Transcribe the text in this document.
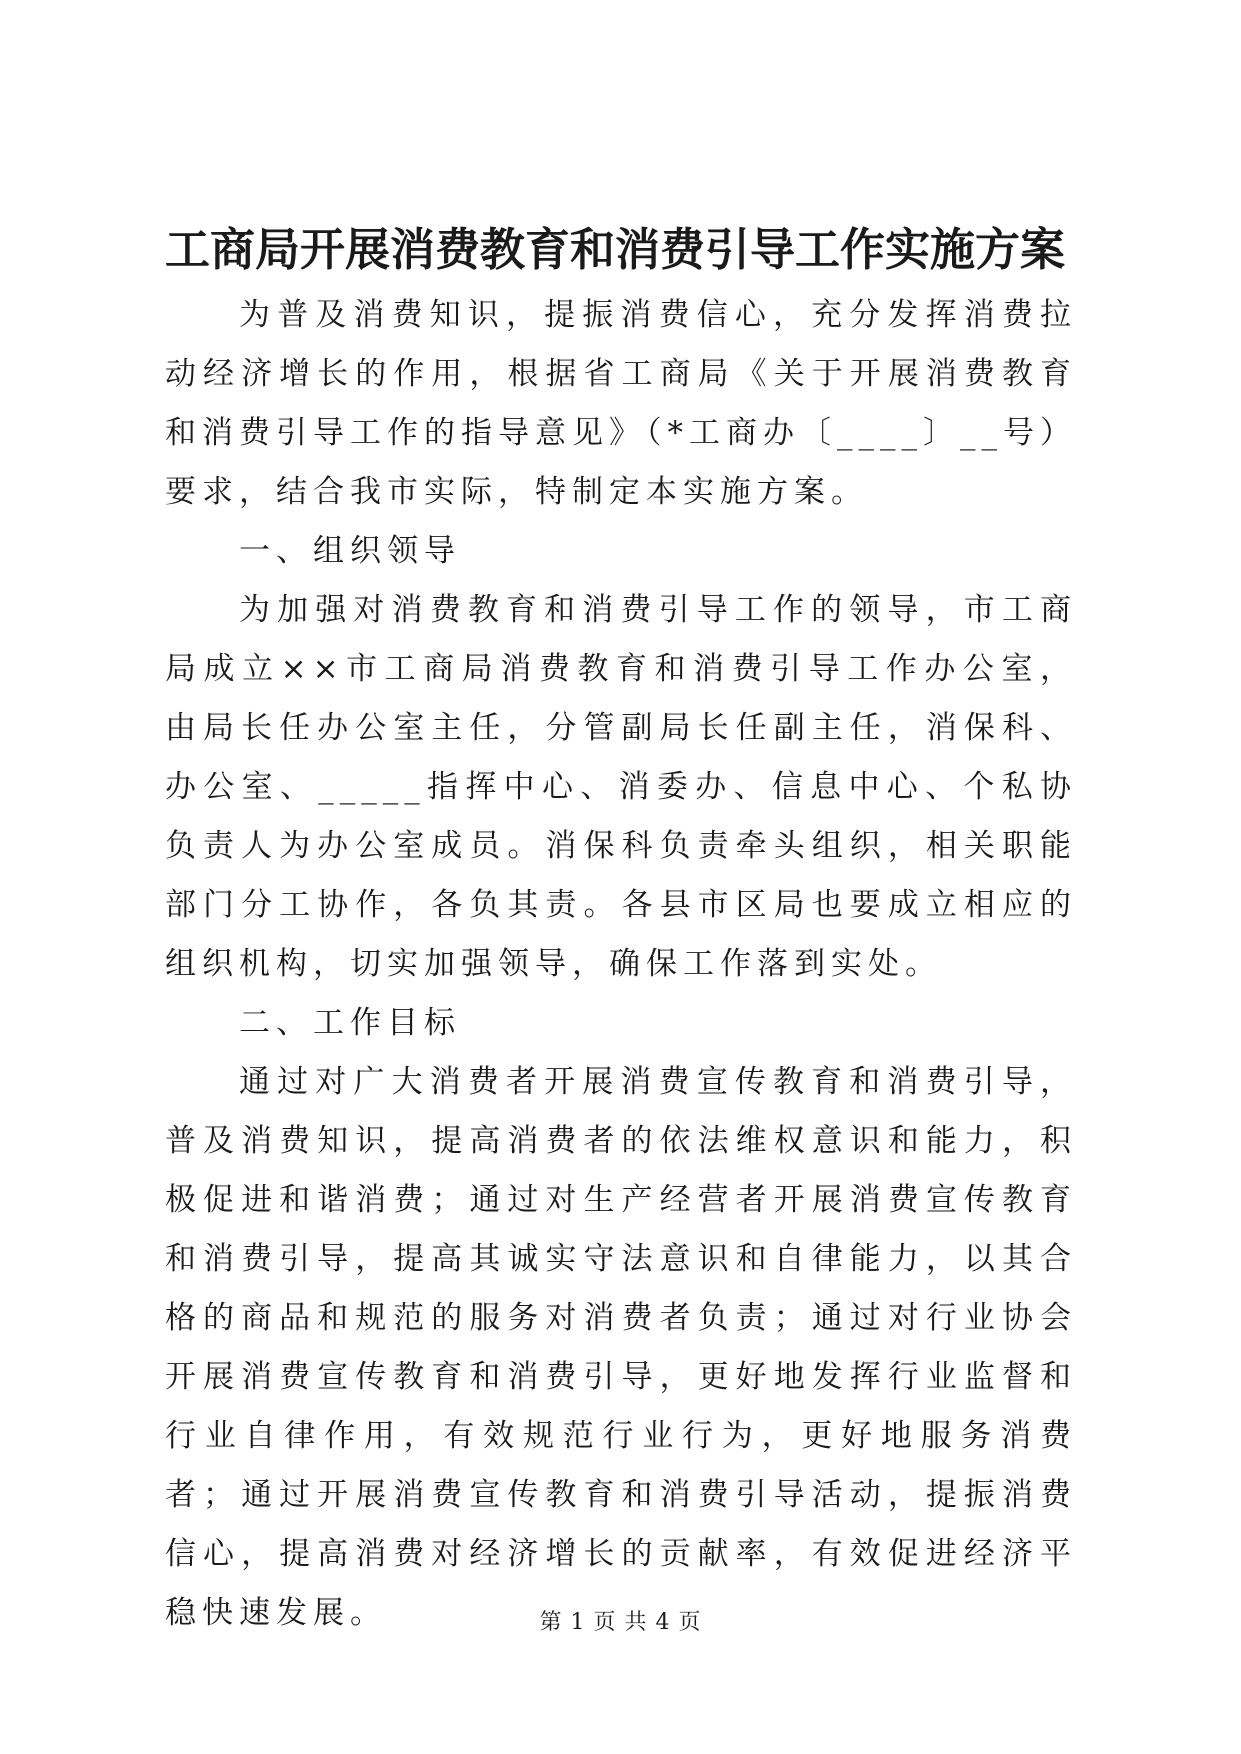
工商局开展消费教育和消费引导工作实施方案

为普及消费知识，提振消费信心，充分发挥消费拉动经济增长的作用，根据省工商局《关于开展消费教育和消费引导工作的指导意见》（*工商办〔____〕__号）要求，结合我市实际，特制定本实施方案。

一、组织领导

为加强对消费教育和消费引导工作的领导，市工商局成立××市工商局消费教育和消费引导工作办公室，由局长任办公室主任，分管副局长任副主任，消保科、办公室、_____指挥中心、消委办、信息中心、个私协负责人为办公室成员。消保科负责牵头组织，相关职能部门分工协作，各负其责。各县市区局也要成立相应的组织机构，切实加强领导，确保工作落到实处。

二、工作目标

通过对广大消费者开展消费宣传教育和消费引导，普及消费知识，提高消费者的依法维权意识和能力，积极促进和谐消费；通过对生产经营者开展消费宣传教育和消费引导，提高其诚实守法意识和自律能力，以其合格的商品和规范的服务对消费者负责；通过对行业协会开展消费宣传教育和消费引导，更好地发挥行业监督和行业自律作用，有效规范行业行为，更好地服务消费者；通过开展消费宣传教育和消费引导活动，提振消费信心，提高消费对经济增长的贡献率，有效促进经济平稳快速发展。	第 1 页 共 4 页
